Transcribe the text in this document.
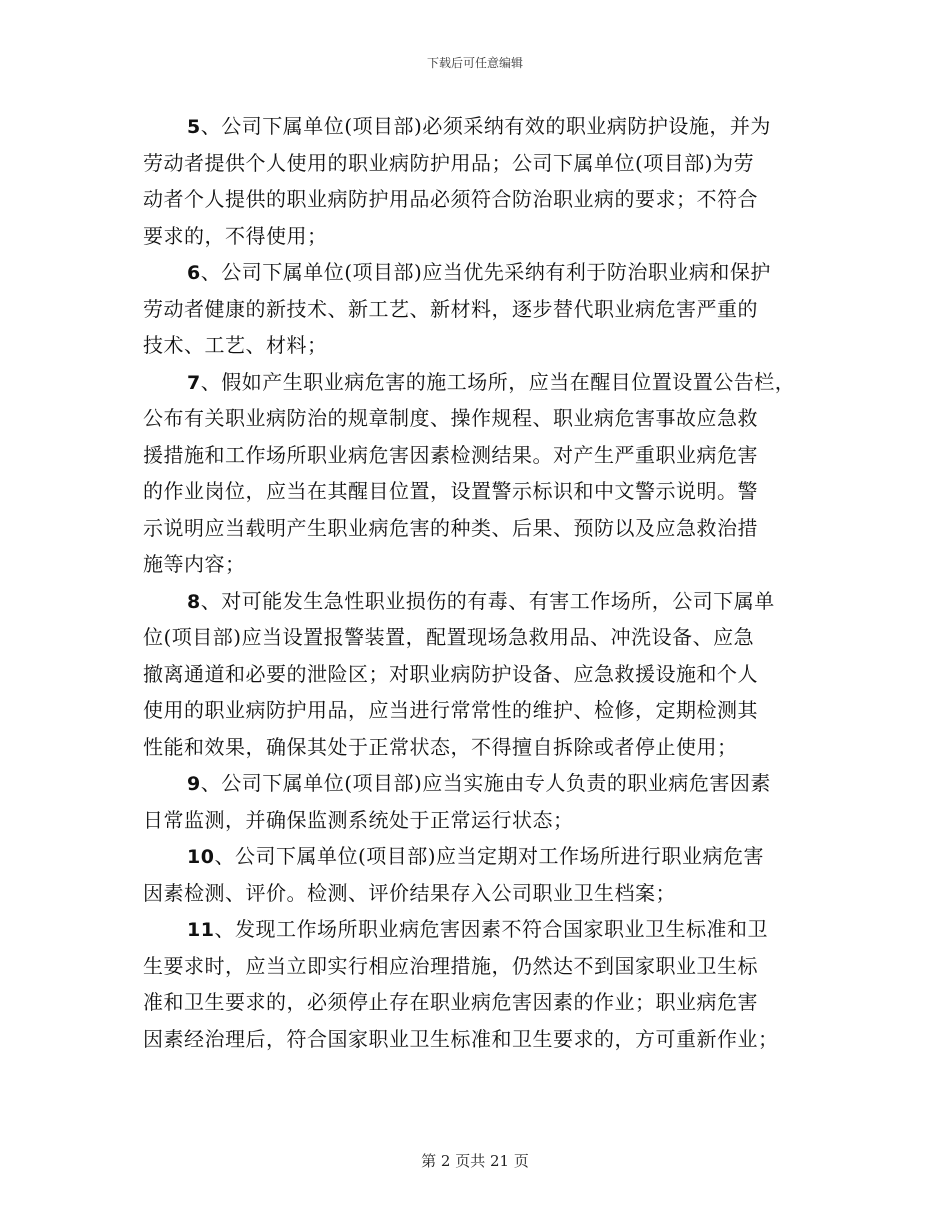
下载后可任意编辑
5、公司下属单位(项目部)必须采纳有效的职业病防护设施，并为
劳动者提供个人使用的职业病防护用品；公司下属单位(项目部)为劳
动者个人提供的职业病防护用品必须符合防治职业病的要求；不符合
要求的，不得使用；
6、公司下属单位(项目部)应当优先采纳有利于防治职业病和保护
劳动者健康的新技术、新工艺、新材料，逐步替代职业病危害严重的
技术、工艺、材料；
7、假如产生职业病危害的施工场所，应当在醒目位置设置公告栏，
公布有关职业病防治的规章制度、操作规程、职业病危害事故应急救
援措施和工作场所职业病危害因素检测结果。对产生严重职业病危害
的作业岗位，应当在其醒目位置，设置警示标识和中文警示说明。警
示说明应当载明产生职业病危害的种类、后果、预防以及应急救治措
施等内容；
8、对可能发生急性职业损伤的有毒、有害工作场所，公司下属单
位(项目部)应当设置报警装置，配置现场急救用品、冲洗设备、应急
撤离通道和必要的泄险区；对职业病防护设备、应急救援设施和个人
使用的职业病防护用品，应当进行常常性的维护、检修，定期检测其
性能和效果，确保其处于正常状态，不得擅自拆除或者停止使用；
9、公司下属单位(项目部)应当实施由专人负责的职业病危害因素
日常监测，并确保监测系统处于正常运行状态；
10、公司下属单位(项目部)应当定期对工作场所进行职业病危害
因素检测、评价。检测、评价结果存入公司职业卫生档案；
11、发现工作场所职业病危害因素不符合国家职业卫生标准和卫
生要求时，应当立即实行相应治理措施，仍然达不到国家职业卫生标
准和卫生要求的，必须停止存在职业病危害因素的作业；职业病危害
因素经治理后，符合国家职业卫生标准和卫生要求的，方可重新作业；
第 2 页共 21 页
